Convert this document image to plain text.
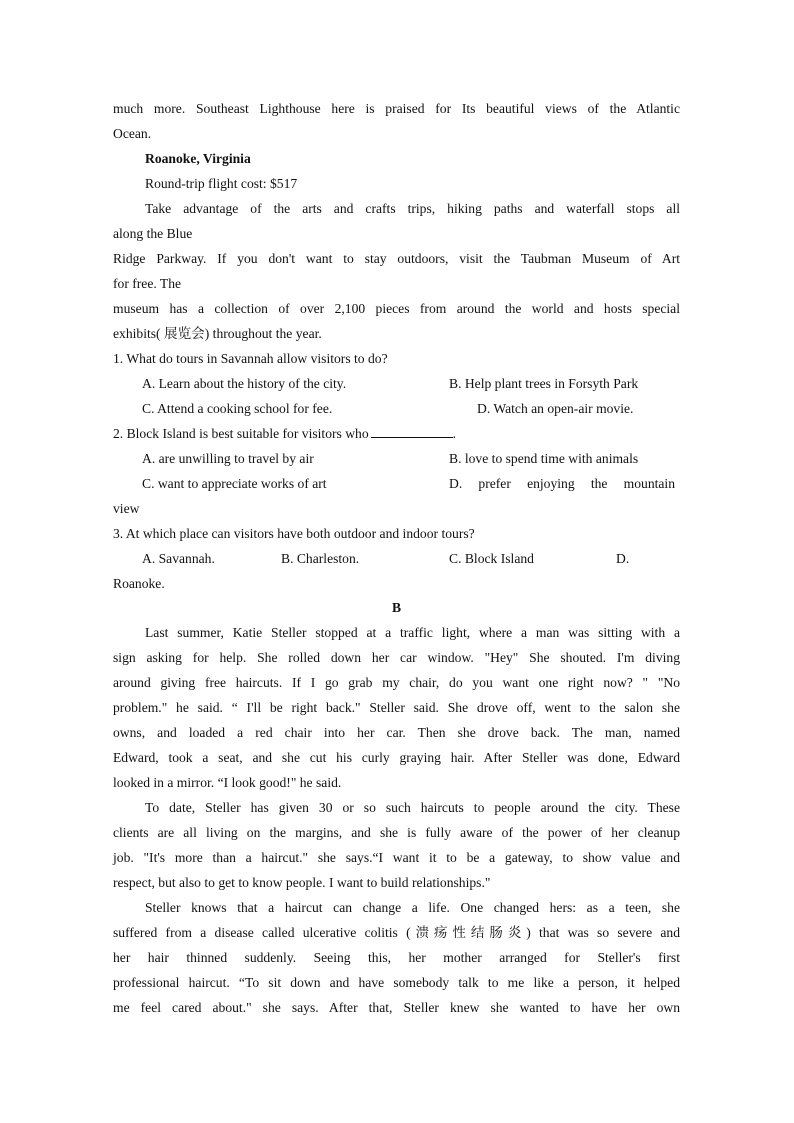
much more. Southeast Lighthouse here is praised for Its beautiful views of the Atlantic
Ocean.
Roanoke, Virginia
Round-trip flight cost: $517
Take advantage of the arts and crafts trips, hiking paths and waterfall stops all
along the Blue
Ridge Parkway. If you don't want to stay outdoors, visit the Taubman Museum of Art
for free. The
museum has a collection of over 2,100 pieces from around the world and hosts special
exhibits( 展览会) throughout the year.
1. What do tours in Savannah allow visitors to do?
A. Learn about the history of the city.	B. Help plant trees in Forsyth Park
C. Attend a cooking school for fee.	D. Watch an open-air movie.
2. Block Island is best suitable for visitors who	.
A. are unwilling to travel by air	B. love to spend time with animals
C. want to appreciate works of art	D. prefer enjoying the mountain
view
3. At which place can visitors have both outdoor and indoor tours?
A. Savannah.	B. Charleston.	C. Block Island	D.
Roanoke.
B
Last summer, Katie Steller stopped at a traffic light, where a man was sitting with a
sign asking for help. She rolled down her car window. "Hey" She shouted. I'm diving
around giving free haircuts. If I go grab my chair, do you want one right now? " "No
problem." he said. “ I'll be right back." Steller said. She drove off, went to the salon she
owns, and loaded a red chair into her car. Then she drove back. The man, named
Edward, took a seat, and she cut his curly graying hair. After Steller was done, Edward
looked in a mirror. “I look good!" he said.
To date, Steller has given 30 or so such haircuts to people around the city. These
clients are all living on the margins, and she is fully aware of the power of her cleanup
job. "It's more than a haircut." she says.“I want it to be a gateway, to show value and
respect, but also to get to know people. I want to build relationships."
Steller knows that a haircut can change a life. One changed hers: as a teen, she
suffered from a disease called ulcerative colitis (溃疡性结肠炎) that was so severe and
her hair thinned suddenly. Seeing this, her mother arranged for Steller's first
professional haircut. “To sit down and have somebody talk to me like a person, it helped
me feel cared about." she says. After that, Steller knew she wanted to have her own
